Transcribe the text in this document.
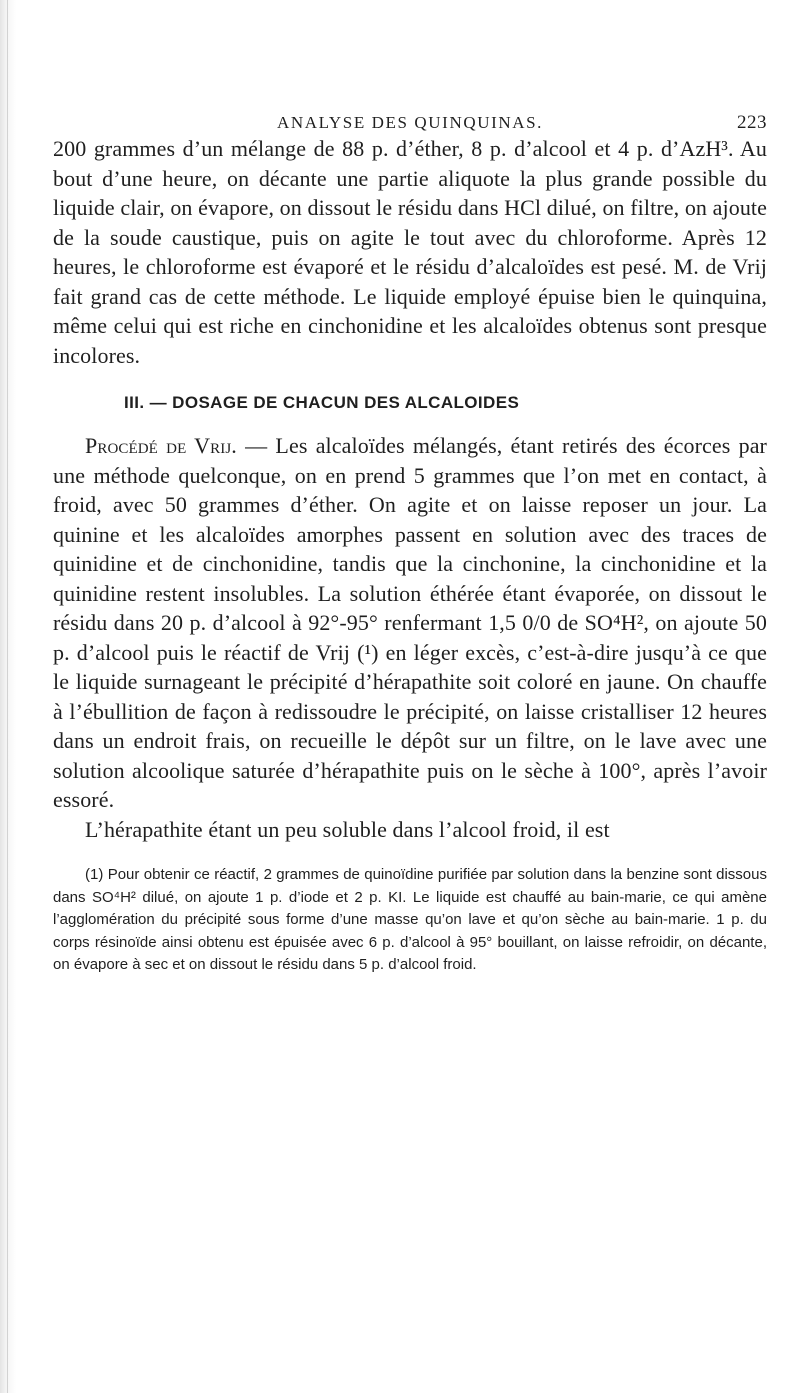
ANALYSE DES QUINQUINAS.	223

200 grammes d’un mélange de 88 p. d’éther, 8 p. d’alcool et 4 p. d’AzH³. Au bout d’une heure, on décante une partie aliquote la plus grande possible du liquide clair, on évapore, on dissout le résidu dans HCl dilué, on filtre, on ajoute de la soude caustique, puis on agite le tout avec du chloroforme. Après 12 heures, le chloroforme est évaporé et le résidu d’alcaloïdes est pesé. M. de Vrij fait grand cas de cette méthode. Le liquide employé épuise bien le quinquina, même celui qui est riche en cinchonidine et les alcaloïdes obtenus sont presque incolores.

III. — DOSAGE DE CHACUN DES ALCALOIDES

Procédé de Vrij. — Les alcaloïdes mélangés, étant retirés des écorces par une méthode quelconque, on en prend 5 grammes que l’on met en contact, à froid, avec 50 grammes d’éther. On agite et on laisse reposer un jour. La quinine et les alcaloïdes amorphes passent en solution avec des traces de quinidine et de cinchonidine, tandis que la cinchonine, la cinchonidine et la quinidine restent insolubles. La solution éthérée étant évaporée, on dissout le résidu dans 20 p. d’alcool à 92°-95° renfermant 1,5 0/0 de SO⁴H², on ajoute 50 p. d’alcool puis le réactif de Vrij (¹) en léger excès, c’est-à-dire jusqu’à ce que le liquide surnageant le précipité d’hérapathite soit coloré en jaune. On chauffe à l’ébullition de façon à redissoudre le précipité, on laisse cristalliser 12 heures dans un endroit frais, on recueille le dépôt sur un filtre, on le lave avec une solution alcoolique saturée d’hérapathite puis on le sèche à 100°, après l’avoir essoré.

L’hérapathite étant un peu soluble dans l’alcool froid, il est

(1) Pour obtenir ce réactif, 2 grammes de quinoïdine purifiée par solution dans la benzine sont dissous dans SO⁴H² dilué, on ajoute 1 p. d’iode et 2 p. KI. Le liquide est chauffé au bain-marie, ce qui amène l’agglomération du précipité sous forme d’une masse qu’on lave et qu’on sèche au bain-marie. 1 p. du corps résinoïde ainsi obtenu est épuisée avec 6 p. d’alcool à 95° bouillant, on laisse refroidir, on décante, on évapore à sec et on dissout le résidu dans 5 p. d’alcool froid.
